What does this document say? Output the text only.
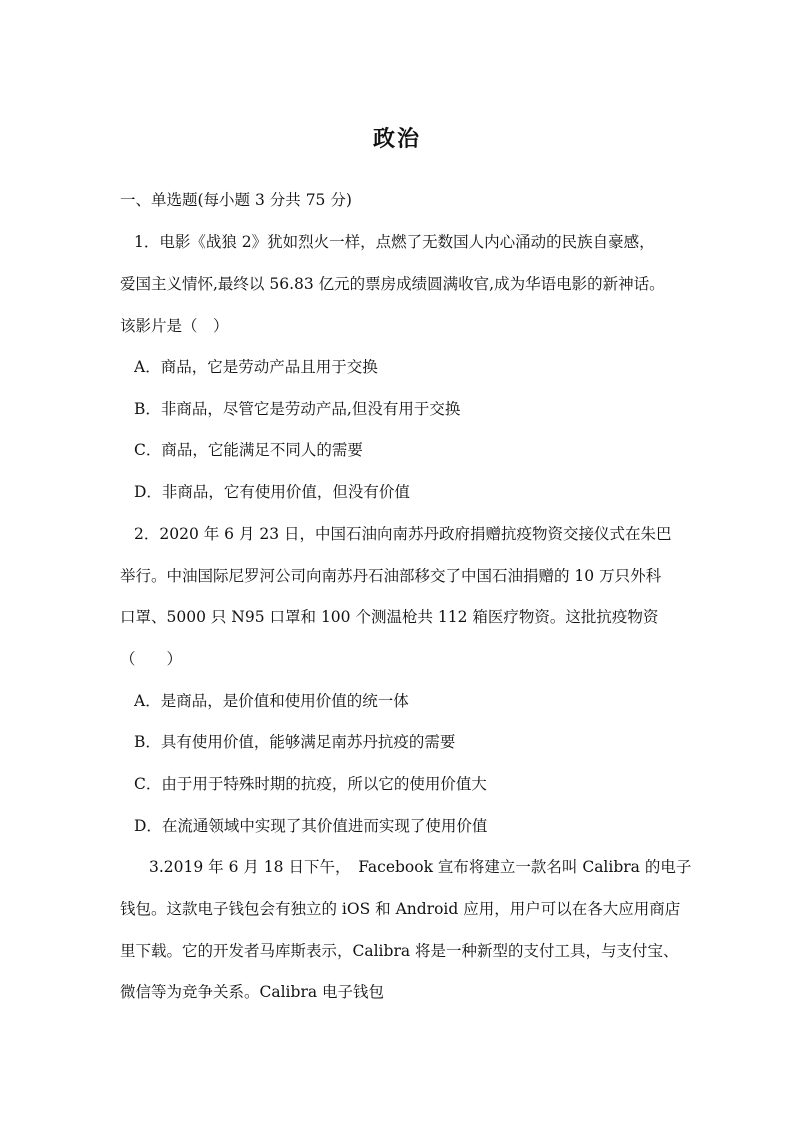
政治
一、单选题(每小题 3 分共 75 分)
1．电影《战狼 2》犹如烈火一样，点燃了无数国人内心涌动的民族自豪感，
爱国主义情怀,最终以 56.83 亿元的票房成绩圆满收官,成为华语电影的新神话。
该影片是（　）
A．商品，它是劳动产品且用于交换
B．非商品，尽管它是劳动产品,但没有用于交换
C．商品，它能满足不同人的需要
D．非商品，它有使用价值，但没有价值
2．2020 年 6 月 23 日，中国石油向南苏丹政府捐赠抗疫物资交接仪式在朱巴
举行。中油国际尼罗河公司向南苏丹石油部移交了中国石油捐赠的 10 万只外科
口罩、5000 只 N95 口罩和 100 个测温枪共 112 箱医疗物资。这批抗疫物资
（　　）
A．是商品，是价值和使用价值的统一体
B．具有使用价值，能够满足南苏丹抗疫的需要
C．由于用于特殊时期的抗疫，所以它的使用价值大
D．在流通领域中实现了其价值进而实现了使用价值
3.2019 年 6 月 18 日下午，　Facebook 宣布将建立一款名叫 Calibra 的电子
钱包。这款电子钱包会有独立的 iOS 和 Android 应用，用户可以在各大应用商店
里下载。它的开发者马库斯表示，Calibra 将是一种新型的支付工具，与支付宝、
微信等为竞争关系。Calibra 电子钱包
